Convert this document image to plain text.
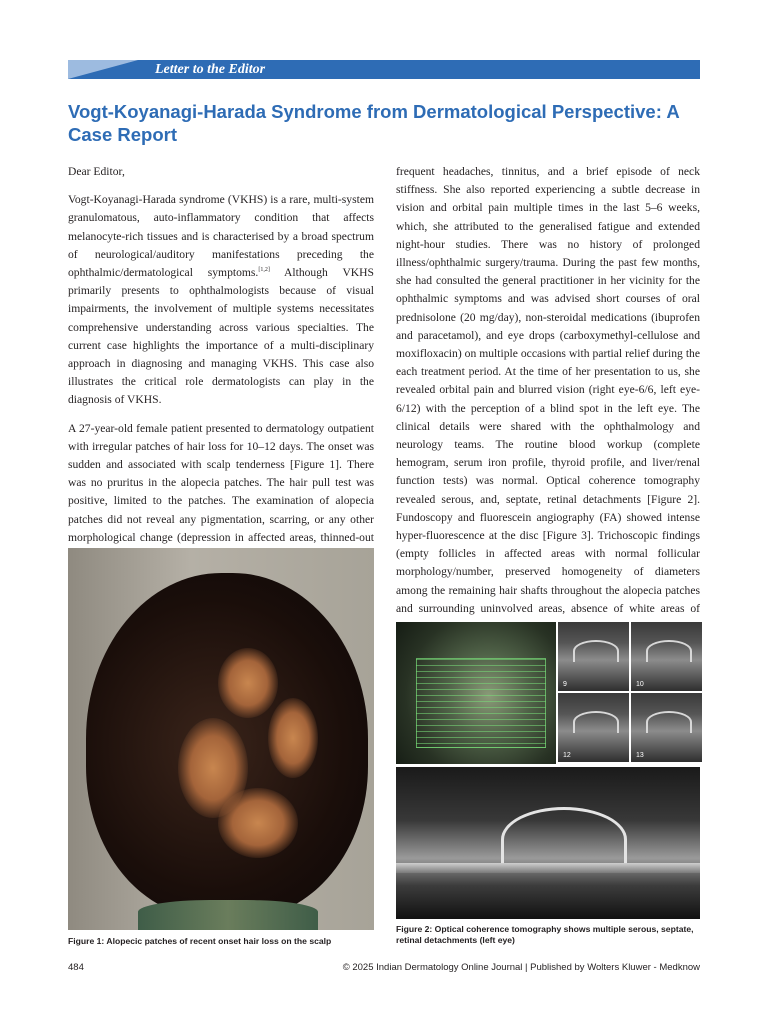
Letter to the Editor
Vogt-Koyanagi-Harada Syndrome from Dermatological Perspective: A Case Report

Dear Editor,

Vogt-Koyanagi-Harada syndrome (VKHS) is a rare, multi-system granulomatous, auto-inflammatory condition that affects melanocyte-rich tissues and is characterised by a broad spectrum of neurological/auditory manifestations preceding the ophthalmic/dermatological symptoms.[1,2] Although VKHS primarily presents to ophthalmologists because of visual impairments, the involvement of multiple systems necessitates comprehensive understanding across various specialties. The current case highlights the importance of a multi-disciplinary approach in diagnosing and managing VKHS. This case also illustrates the critical role dermatologists can play in the diagnosis of VKHS.

A 27-year-old female patient presented to dermatology outpatient with irregular patches of hair loss for 10–12 days. The onset was sudden and associated with scalp tenderness [Figure 1]. There was no pruritus in the alopecia patches. The hair pull test was positive, limited to the patches. The examination of alopecia patches did not reveal any pigmentation, scarring, or any other morphological change (depression in affected areas, thinned-out

frequent headaches, tinnitus, and a brief episode of neck stiffness. She also reported experiencing a subtle decrease in vision and orbital pain multiple times in the last 5–6 weeks, which, she attributed to the generalised fatigue and extended night-hour studies. There was no history of prolonged illness/ophthalmic surgery/trauma. During the past few months, she had consulted the general practitioner in her vicinity for the ophthalmic symptoms and was advised short courses of oral prednisolone (20 mg/day), non-steroidal medications (ibuprofen and paracetamol), and eye drops (carboxymethyl-cellulose and moxifloxacin) on multiple occasions with partial relief during the each treatment period. At the time of her presentation to us, she revealed orbital pain and blurred vision (right eye-6/6, left eye- 6/12) with the perception of a blind spot in the left eye. The clinical details were shared with the ophthalmology and neurology teams. The routine blood workup (complete hemogram, serum iron profile, thyroid profile, and liver/renal function tests) was normal. Optical coherence tomography revealed serous, and, septate, retinal detachments [Figure 2]. Fundoscopy and fluorescein angiography (FA) showed intense hyper-fluorescence at the disc [Figure 3]. Trichoscopic findings (empty follicles in affected areas with normal follicular morphology/number, preserved homogeneity of diameters among the remaining hair shafts throughout the alopecia patches and surrounding uninvolved areas, absence of white areas of

Figure 1: Alopecic patches of recent onset hair loss on the scalp
9	10
12	13
Figure 2: Optical coherence tomography shows multiple serous, septate, retinal detachments (left eye)
484	© 2025 Indian Dermatology Online Journal | Published by Wolters Kluwer - Medknow
